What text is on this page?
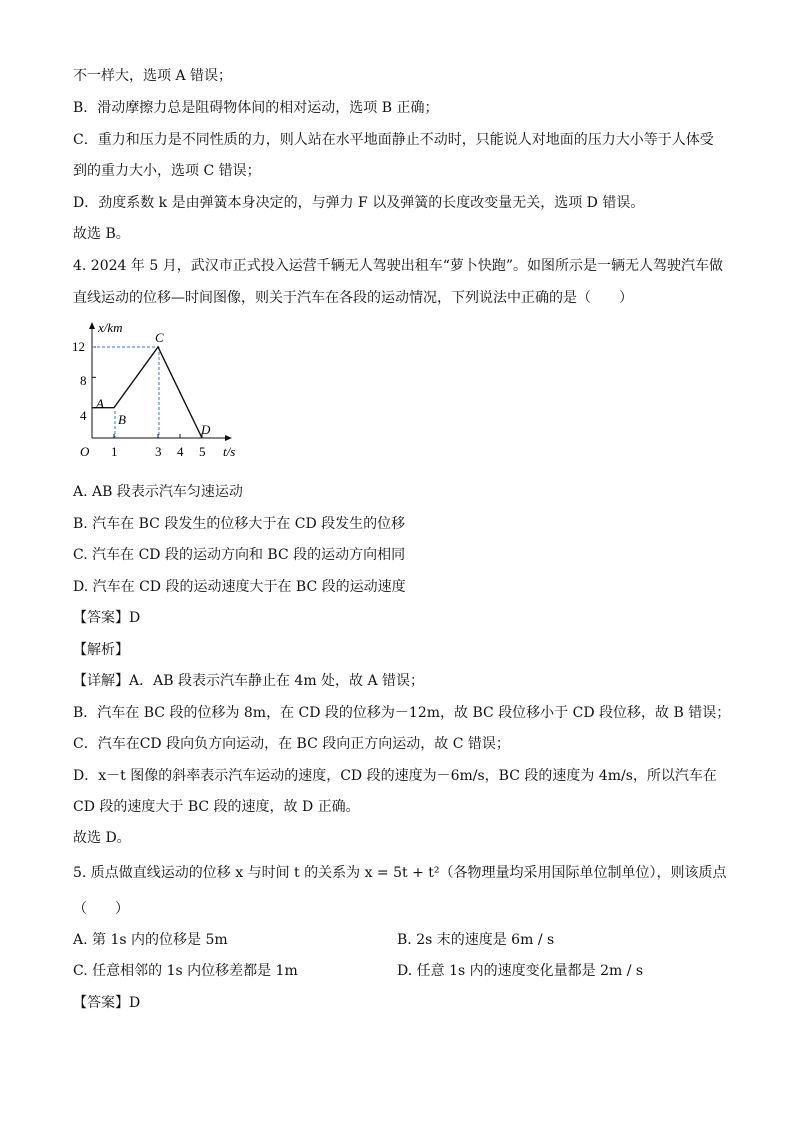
不一样大，选项 A 错误；
B．滑动摩擦力总是阻碍物体间的相对运动，选项 B 正确；
C．重力和压力是不同性质的力，则人站在水平地面静止不动时，只能说人对地面的压力大小等于人体受
到的重力大小，选项 C 错误；
D．劲度系数 k 是由弹簧本身决定的，与弹力 F 以及弹簧的长度改变量无关，选项 D 错误。
故选 B。
4. 2024 年 5 月，武汉市正式投入运营千辆无人驾驶出租车“萝卜快跑”。如图所示是一辆无人驾驶汽车做
直线运动的位移—时间图像，则关于汽车在各段的运动情况，下列说法中正确的是（　　）
A. AB 段表示汽车匀速运动
B. 汽车在 BC 段发生的位移大于在 CD 段发生的位移
C. 汽车在 CD 段的运动方向和 BC 段的运动方向相同
D. 汽车在 CD 段的运动速度大于在 BC 段的运动速度
【答案】D
【解析】
【详解】A．AB 段表示汽车静止在 4m 处，故 A 错误；
B．汽车在 BC 段的位移为 8m，在 CD 段的位移为－12m，故 BC 段位移小于 CD 段位移，故 B 错误；
C．汽车在CD 段向负方向运动，在 BC 段向正方向运动，故 C 错误；
D．x－t 图像的斜率表示汽车运动的速度，CD 段的速度为－6m/s，BC 段的速度为 4m/s，所以汽车在
CD 段的速度大于 BC 段的速度，故 D 正确。
故选 D。
5. 质点做直线运动的位移 x 与时间 t 的关系为 x = 5t + t²（各物理量均采用国际单位制单位），则该质点
（　　）
【答案】D
A. 第 1s 内的位移是 5m	B. 2s 末的速度是 6m / s
C. 任意相邻的 1s 内位移差都是 1m	D. 任意 1s 内的速度变化量都是 2m / s
x/km
t/s
O
4
8
12
1	3 4 5
A
B
C
D
